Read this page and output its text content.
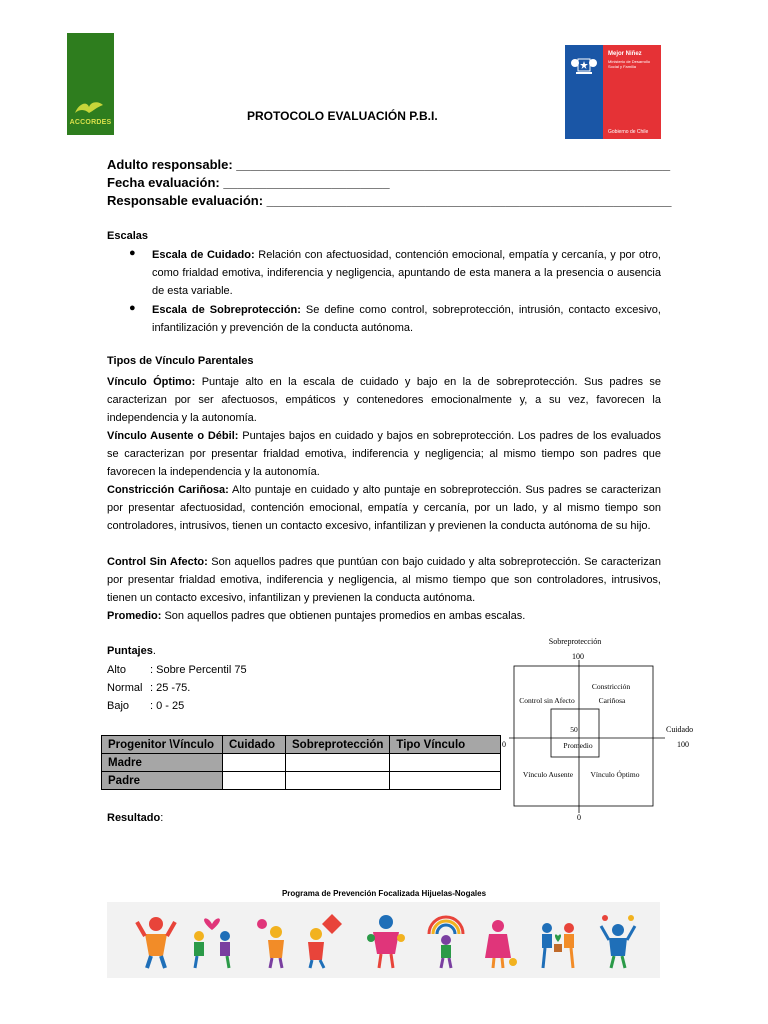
ACCORDES
Mejor Niñez
Ministerio de Desarrollo Social y Familia
Gobierno de Chile
PROTOCOLO EVALUACIÓN P.B.I.
Adulto responsable: ____________________________________________________________
Fecha evaluación: _______________________
Responsable evaluación: ________________________________________________________
Escalas
● Escala de Cuidado: Relación con afectuosidad, contención emocional, empatía y cercanía, y por otro, como frialdad emotiva, indiferencia y negligencia, apuntando de esta manera a la presencia o ausencia de esta variable.
● Escala de Sobreprotección: Se define como control, sobreprotección, intrusión, contacto excesivo, infantilización y prevención de la conducta autónoma.
Tipos de Vínculo Parentales
Vínculo Óptimo: Puntaje alto en la escala de cuidado y bajo en la de sobreprotección. Sus padres se caracterizan por ser afectuosos, empáticos y contenedores emocionalmente y, a su vez, favorecen la independencia y la autonomía.
Vínculo Ausente o Débil: Puntajes bajos en cuidado y bajos en sobreprotección. Los padres de los evaluados se caracterizan por presentar frialdad emotiva, indiferencia y negligencia; al mismo tiempo son padres que favorecen la independencia y la autonomía.
Constricción Cariñosa: Alto puntaje en cuidado y alto puntaje en sobreprotección. Sus padres se caracterizan por presentar afectuosidad, contención emocional, empatía y cercanía, por un lado, y al mismo tiempo son controladores, intrusivos, tienen un contacto excesivo, infantilizan y previenen la conducta autónoma de su hijo.
Control Sin Afecto: Son aquellos padres que puntúan con bajo cuidado y alta sobreprotección. Se caracterizan por presentar frialdad emotiva, indiferencia y negligencia, al mismo tiempo que son controladores, intrusivos, tienen un contacto excesivo, infantilizan y previenen la conducta autónoma.
Promedio: Son aquellos padres que obtienen puntajes promedios en ambas escalas.
Puntajes.
Alto : Sobre Percentil 75
Normal : 25 -75.
Bajo : 0 - 25
Progenitor \Vínculo	Cuidado	Sobreprotección	Tipo Vínculo
Madre			
Padre			
Resultado:
Sobreprotección
100
0
Cuidado
100
0
50
Promedio
Control sin Afecto
Constricción
Cariñosa
Vínculo Ausente Vínculo Óptimo
Programa de Prevención Focalizada Hijuelas-Nogales
